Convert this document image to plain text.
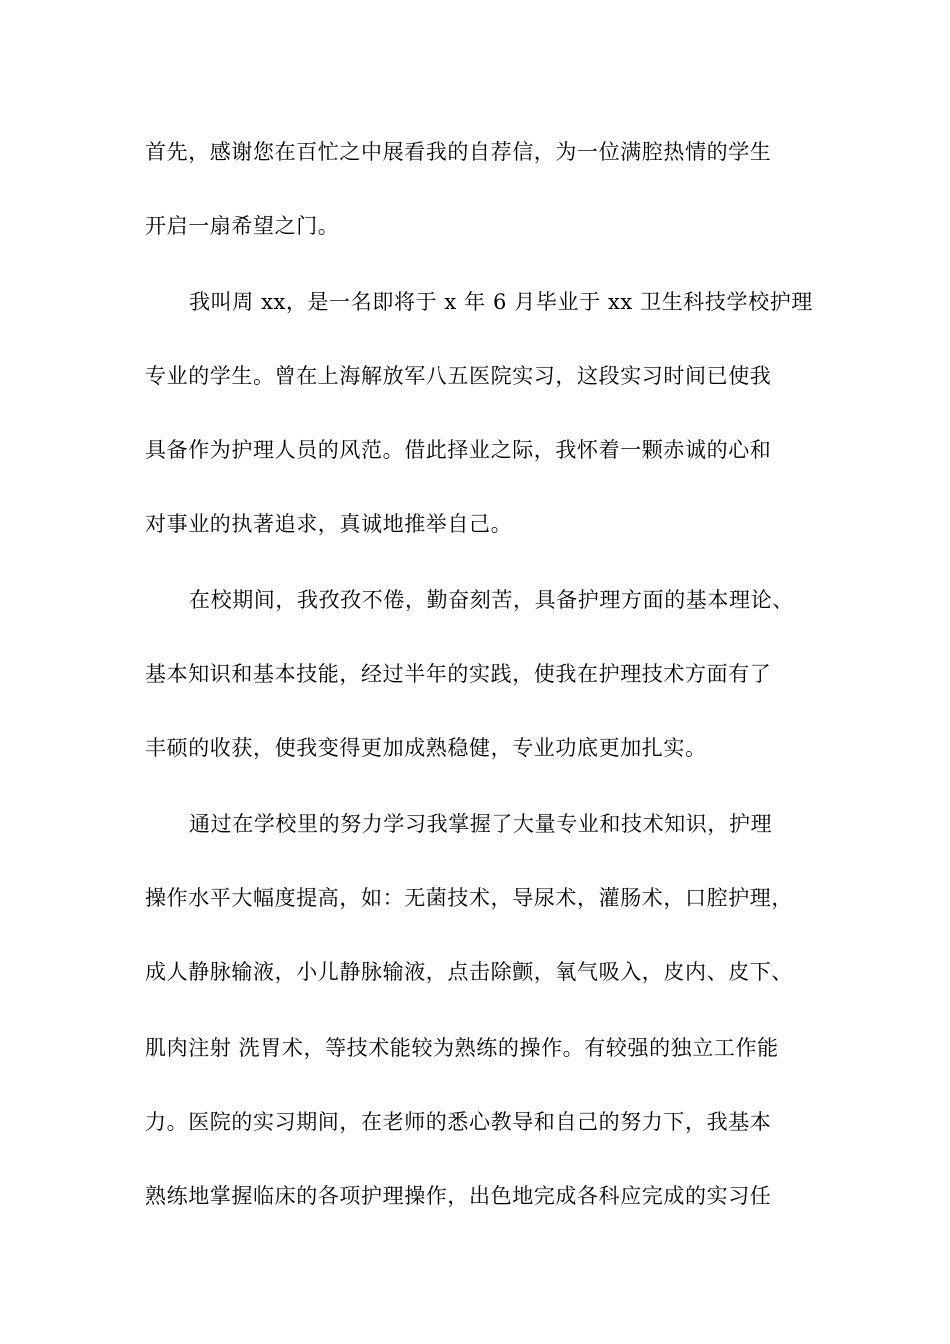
首先，感谢您在百忙之中展看我的自荐信，为一位满腔热情的学生
开启一扇希望之门。
我叫周 xx，是一名即将于 x 年 6 月毕业于 xx 卫生科技学校护理
专业的学生。曾在上海解放军八五医院实习，这段实习时间已使我
具备作为护理人员的风范。借此择业之际，我怀着一颗赤诚的心和
对事业的执著追求，真诚地推举自己。
在校期间，我孜孜不倦，勤奋刻苦，具备护理方面的基本理论、
基本知识和基本技能，经过半年的实践，使我在护理技术方面有了
丰硕的收获，使我变得更加成熟稳健，专业功底更加扎实。
通过在学校里的努力学习我掌握了大量专业和技术知识，护理
操作水平大幅度提高，如：无菌技术，导尿术，灌肠术，口腔护理，
成人静脉输液，小儿静脉输液，点击除颤，氧气吸入，皮内、皮下、
肌肉注射 洗胃术，等技术能较为熟练的操作。有较强的独立工作能
力。医院的实习期间，在老师的悉心教导和自己的努力下，我基本
熟练地掌握临床的各项护理操作，出色地完成各科应完成的实习任
